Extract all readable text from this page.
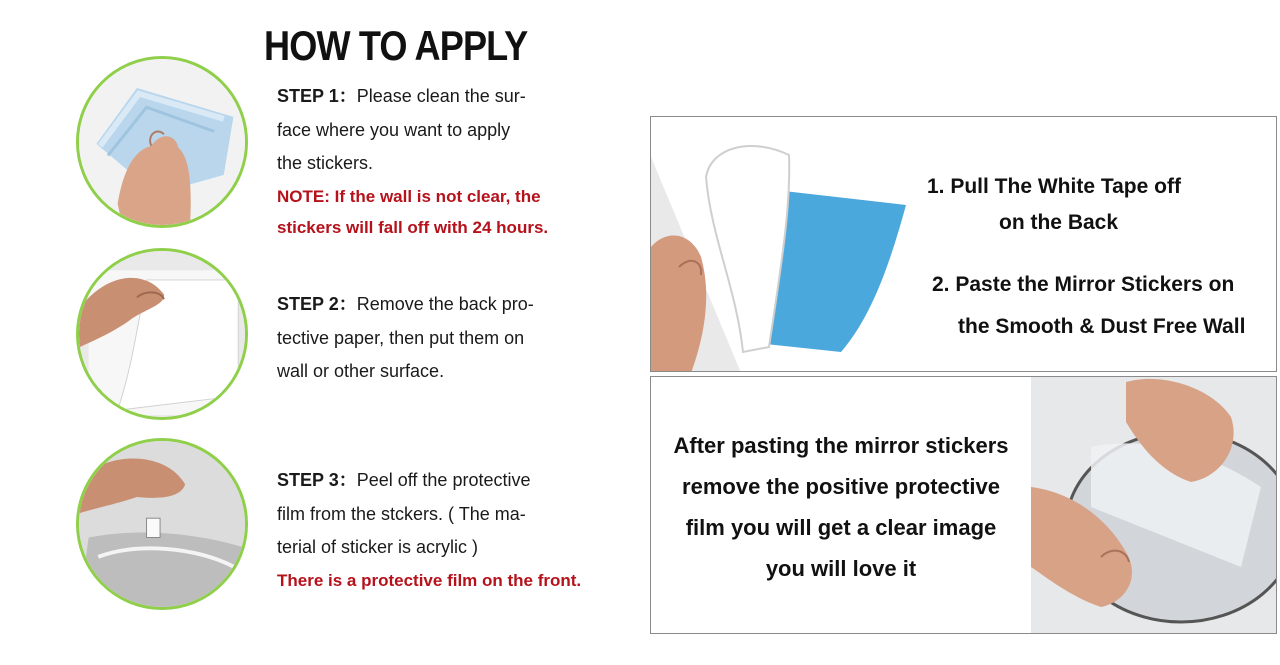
HOW TO APPLY
STEP 1：Please clean the sur-
face where you want to apply
the stickers.
NOTE: If the wall is not clear, the
stickers will fall off with 24 hours.
STEP 2：Remove the back pro-
tective paper, then put them on
wall or other surface.
STEP 3：Peel off the protective
film from the stckers. ( The ma-
terial of sticker is acrylic )
There is a protective film on the front.
1. Pull The White Tape off
on the Back
2. Paste the Mirror Stickers on
the Smooth & Dust Free Wall
After pasting the mirror stickers
remove the positive protective
film you will get a clear image
you will love it
